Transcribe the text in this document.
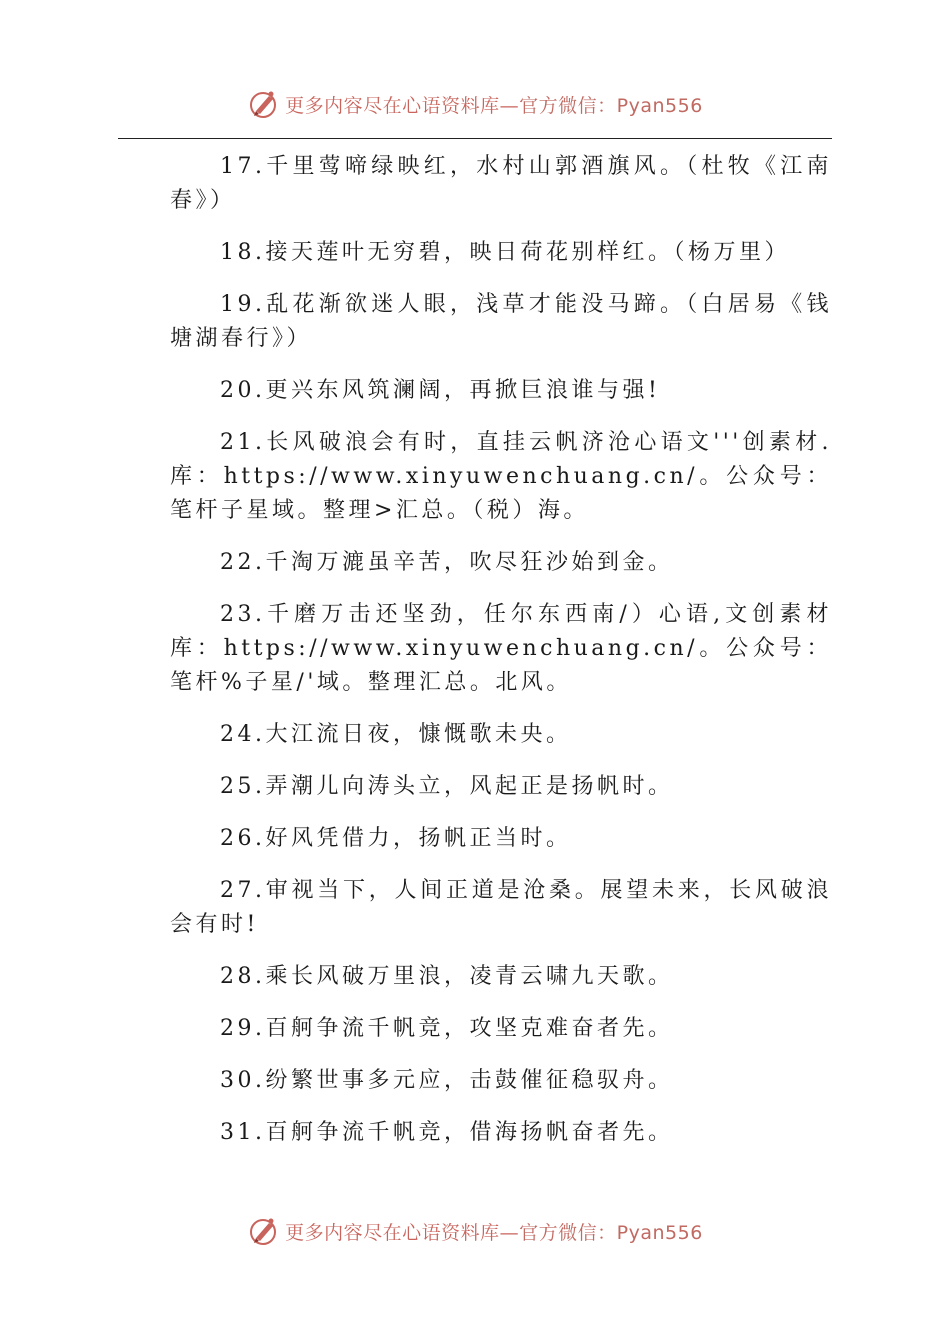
更多内容尽在心语资料库—官方微信：Pyan556

17.千里莺啼绿映红，水村山郭酒旗风。（杜牧《江南春》）

18.接天莲叶无穷碧，映日荷花别样红。（杨万里）

19.乱花渐欲迷人眼，浅草才能没马蹄。（白居易《钱塘湖春行》）

20.更兴东风筑澜阔，再掀巨浪谁与强!

21.长风破浪会有时，直挂云帆济沧心语文'''创素材.库：https://www.xinyuwenchuang.cn/。公众号：笔杆子星域。整理>汇总。（税）海。

22.千淘万漉虽辛苦，吹尽狂沙始到金。

23.千磨万击还坚劲，任尔东西南/）心语,文创素材库：https://www.xinyuwenchuang.cn/。公众号：笔杆%子星/'域。整理汇总。北风。

24.大江流日夜，慷慨歌未央。

25.弄潮儿向涛头立，风起正是扬帆时。

26.好风凭借力，扬帆正当时。

27.审视当下，人间正道是沧桑。展望未来，长风破浪会有时!

28.乘长风破万里浪，凌青云啸九天歌。

29.百舸争流千帆竞，攻坚克难奋者先。

30.纷繁世事多元应，击鼓催征稳驭舟。

31.百舸争流千帆竞，借海扬帆奋者先。

更多内容尽在心语资料库—官方微信：Pyan556
